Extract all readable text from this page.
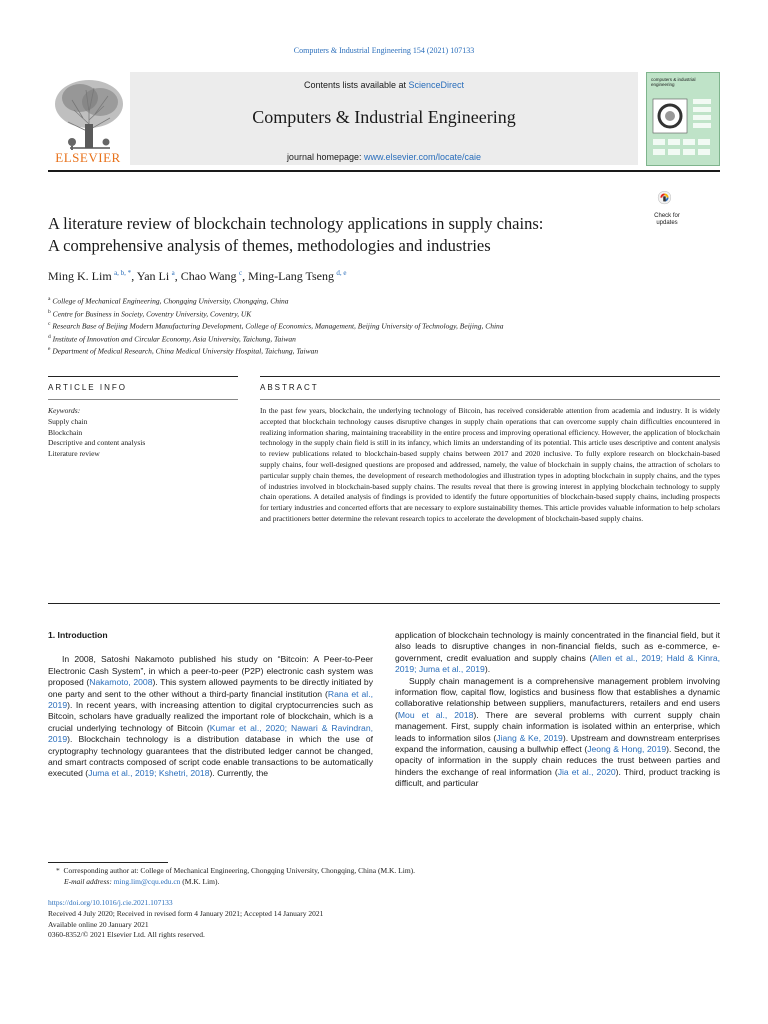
Computers & Industrial Engineering 154 (2021) 107133
ELSEVIER
Contents lists available at ScienceDirect
Computers & Industrial Engineering
journal homepage: www.elsevier.com/locate/caie
computers & industrial engineering
A literature review of blockchain technology applications in supply chains:
A comprehensive analysis of themes, methodologies and industries
Check for
updates
Ming K. Lim  $^{a, b, *}$, Yan Li  $^a$, Chao Wang  $^c$, Ming-Lang Tseng  $^{d, e}$
$^a$ College of Mechanical Engineering, Chongqing University, Chongqing, China
$^b$ Centre for Business in Society, Coventry University, Coventry, UK
$^c$ Research Base of Beijing Modern Manufacturing Development, College of Economics, Management, Beijing University of Technology, Beijing, China
$^d$ Institute of Innovation and Circular Economy, Asia University, Taichung, Taiwan
$^e$ Department of Medical Research, China Medical University Hospital, Taichung, Taiwan
ARTICLE INFO	ABSTRACT
Keywords:
Supply chain
Blockchain
Descriptive and content analysis
Literature review
In the past few years, blockchain, the underlying technology of Bitcoin, has received considerable attention from academia and industry. It is widely accepted that blockchain technology causes disruptive changes in supply chain operations that can overcome supply chain difficulties encountered in realizing information sharing, maintaining traceability in the entire process and improving operational efficiency. However, the application of blockchain technology in the supply chain field is still in its infancy, which limits an understanding of its potential. This article uses descriptive and content analysis to review publications related to blockchain-based supply chains between 2017 and 2020 inclusive. To fully explore research on blockchain-based supply chains, four well-designed questions are proposed and addressed, namely, the value of blockchain in supply chains, the attraction of scholars to particular supply chain themes, the development of research methodologies and illustration types in adopting blockchain in supply chains, and the types of industries involved in blockchain-based supply chains. The results reveal that there is growing interest in applying blockchain technology to supply chain operations. A detailed analysis of findings is provided to identify the future opportunities of blockchain-based supply chains, including prospects for tertiary industries and concerted efforts that are necessary to explore sustainability themes. This article provides valuable information to help scholars and practitioners better determine the relevant research topics to accelerate the development of blockchain-based supply chains.
1. Introduction

In 2008, Satoshi Nakamoto published his study on “Bitcoin: A Peer-to-Peer Electronic Cash System”, in which a peer-to-peer (P2P) electronic cash system was proposed (Nakamoto, 2008). This system allowed payments to be directly initiated by one party and sent to the other without a third-party financial institution (Rana et al., 2019). In recent years, with increasing attention to digital cryptocurrencies such as Bitcoin, scholars have gradually realized the important role of blockchain, which is a crucial underlying technology of Bitcoin (Kumar et al., 2020; Nawari & Ravindran, 2019). Blockchain technology is a distribution database in which the use of cryptography technology guarantees that the distributed ledger cannot be changed, and smart contracts composed of script code enable transactions to be automatically executed (Juma et al., 2019; Kshetri, 2018). Currently, the

application of blockchain technology is mainly concentrated in the financial field, but it also leads to disruptive changes in non-financial fields, such as e-commerce, e-government, credit evaluation and supply chains (Allen et al., 2019; Hald & Kinra, 2019; Juma et al., 2019).

Supply chain management is a comprehensive management problem involving information flow, capital flow, logistics and business flow that establishes a dynamic collaborative relationship between suppliers, manufacturers, retailers and end users (Mou et al., 2018). There are several problems with current supply chain management. First, supply chain information is isolated within an enterprise, which leads to information silos (Jiang & Ke, 2019). Upstream and downstream enterprises expand the information, causing a bullwhip effect (Jeong & Hong, 2019). Second, the opacity of information in the supply chain reduces the trust between parties and hinders the exchange of real information (Jia et al., 2020). Third, product tracking is difficult, and particular

*  Corresponding author at: College of Mechanical Engineering, Chongqing University, Chongqing, China (M.K. Lim).
E-mail address: ming.lim@cqu.edu.cn (M.K. Lim).
https://doi.org/10.1016/j.cie.2021.107133
Received 4 July 2020; Received in revised form 4 January 2021; Accepted 14 January 2021
Available online 20 January 2021
0360-8352/© 2021 Elsevier Ltd. All rights reserved.
